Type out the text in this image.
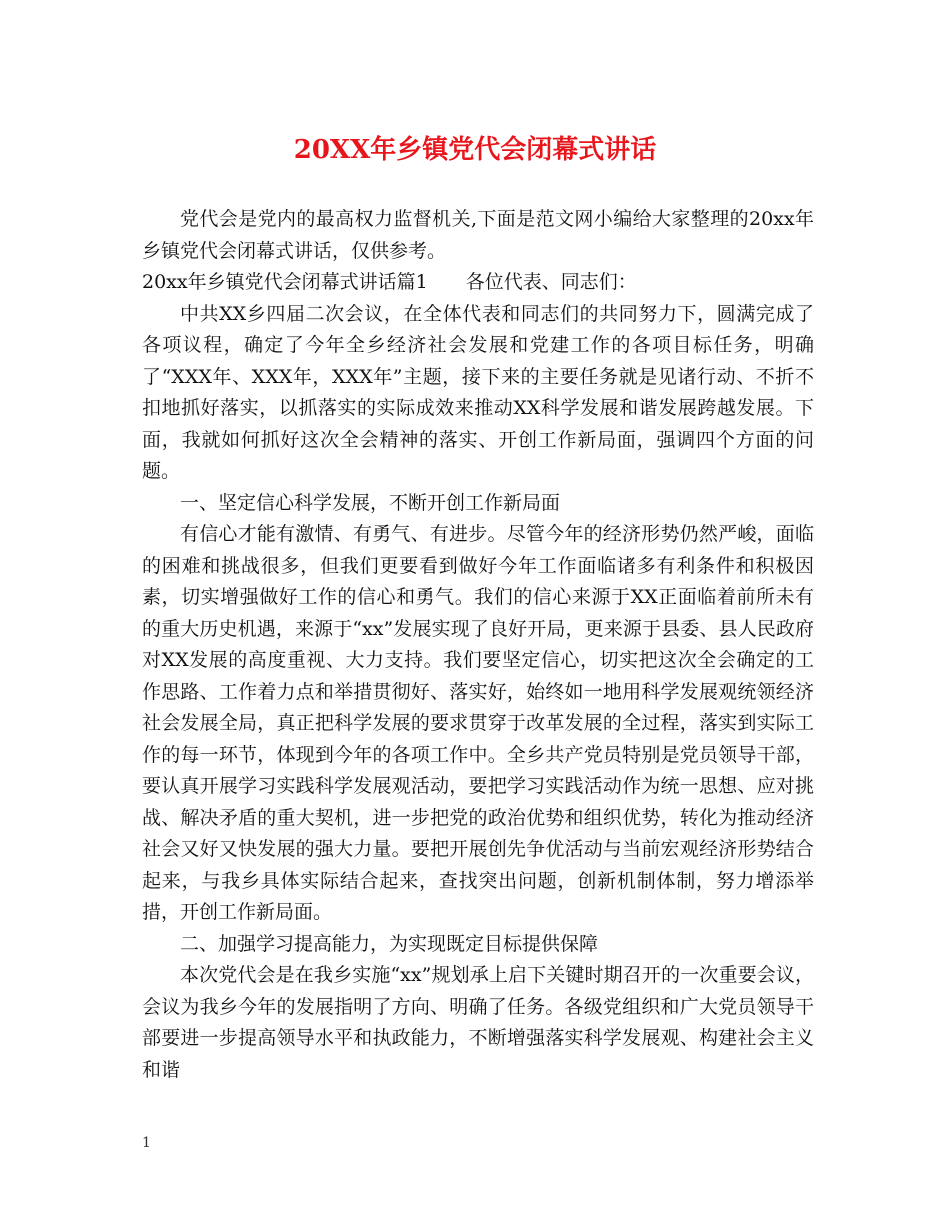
20XX年乡镇党代会闭幕式讲话

党代会是党内的最高权力监督机关,下面是范文网小编给大家整理的20xx年乡镇党代会闭幕式讲话，仅供参考。

20xx年乡镇党代会闭幕式讲话篇1　　各位代表、同志们：

中共XX乡四届二次会议，在全体代表和同志们的共同努力下，圆满完成了各项议程，确定了今年全乡经济社会发展和党建工作的各项目标任务，明确了“XXX年、XXX年，XXX年”主题，接下来的主要任务就是见诸行动、不折不扣地抓好落实，以抓落实的实际成效来推动XX科学发展和谐发展跨越发展。下面，我就如何抓好这次全会精神的落实、开创工作新局面，强调四个方面的问题。

一、坚定信心科学发展，不断开创工作新局面

有信心才能有激情、有勇气、有进步。尽管今年的经济形势仍然严峻，面临的困难和挑战很多，但我们更要看到做好今年工作面临诸多有利条件和积极因素，切实增强做好工作的信心和勇气。我们的信心来源于XX正面临着前所未有的重大历史机遇，来源于“xx”发展实现了良好开局，更来源于县委、县人民政府对XX发展的高度重视、大力支持。我们要坚定信心，切实把这次全会确定的工作思路、工作着力点和举措贯彻好、落实好，始终如一地用科学发展观统领经济社会发展全局，真正把科学发展的要求贯穿于改革发展的全过程，落实到实际工作的每一环节，体现到今年的各项工作中。全乡共产党员特别是党员领导干部，要认真开展学习实践科学发展观活动，要把学习实践活动作为统一思想、应对挑战、解决矛盾的重大契机，进一步把党的政治优势和组织优势，转化为推动经济社会又好又快发展的强大力量。要把开展创先争优活动与当前宏观经济形势结合起来，与我乡具体实际结合起来，查找突出问题，创新机制体制，努力增添举措，开创工作新局面。

二、加强学习提高能力，为实现既定目标提供保障

本次党代会是在我乡实施“xx”规划承上启下关键时期召开的一次重要会议，会议为我乡今年的发展指明了方向、明确了任务。各级党组织和广大党员领导干部要进一步提高领导水平和执政能力，不断增强落实科学发展观、构建社会主义和谐

1
